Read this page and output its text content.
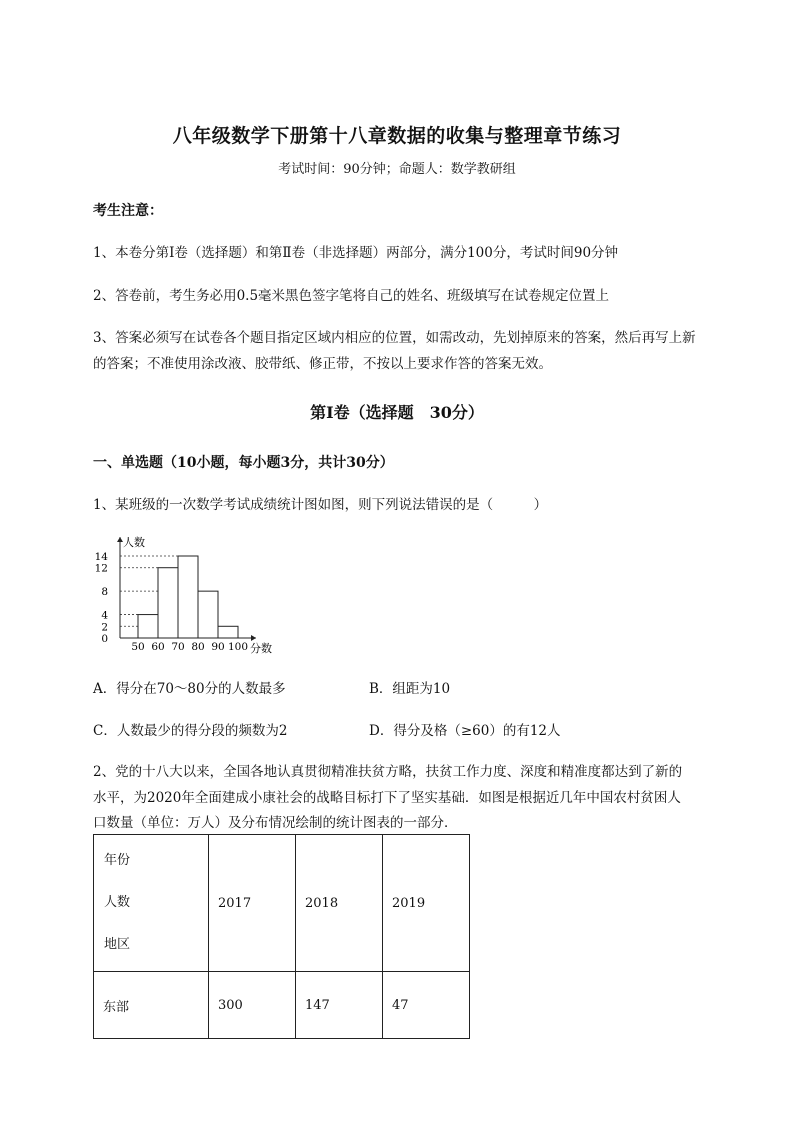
八年级数学下册第十八章数据的收集与整理章节练习
考试时间：90分钟；命题人：数学教研组
考生注意：
1、本卷分第Ⅰ卷（选择题）和第Ⅱ卷（非选择题）两部分，满分100分，考试时间90分钟
2、答卷前，考生务必用0.5毫米黑色签字笔将自己的姓名、班级填写在试卷规定位置上
3、答案必须写在试卷各个题目指定区域内相应的位置，如需改动，先划掉原来的答案，然后再写上新
的答案；不准使用涂改液、胶带纸、修正带，不按以上要求作答的答案无效。
第Ⅰ卷（选择题　30分）
一、单选题（10小题，每小题3分，共计30分）
1、某班级的一次数学考试成绩统计图如图，则下列说法错误的是（　　　）
0
2
4
8
12
14
50 60 70 80 90 100
人数
分数
A．得分在70～80分的人数最多	B．组距为10
C．人数最少的得分段的频数为2	D．得分及格（≥60）的有12人
2、党的十八大以来，全国各地认真贯彻精准扶贫方略，扶贫工作力度、深度和精准度都达到了新的
水平，为2020年全面建成小康社会的战略目标打下了坚实基础．如图是根据近几年中国农村贫困人
口数量（单位：万人）及分布情况绘制的统计图表的一部分．
年份
人数
地区	2017	2018	2019
东部	300	147	47
